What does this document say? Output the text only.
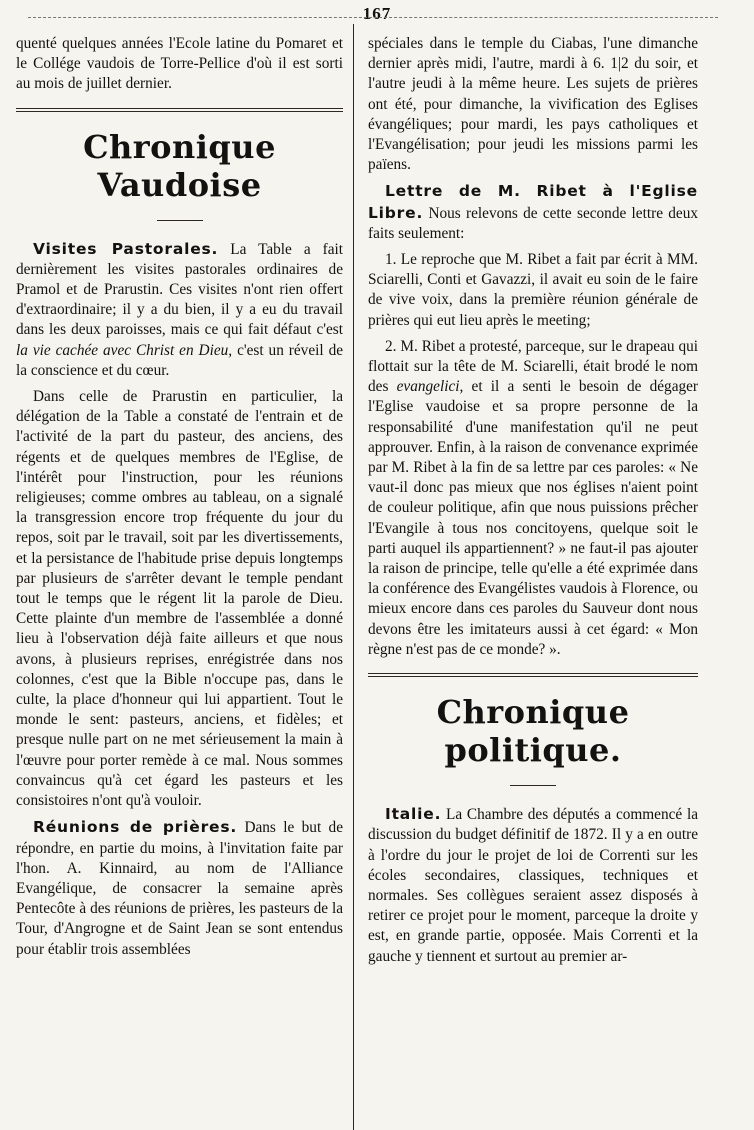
167

quenté quelques années l'Ecole latine du Pomaret et le Collége vaudois de Torre-Pellice d'où il est sorti au mois de juillet dernier.

Chronique Vaudoise

Visites Pastorales. La Table a fait dernièrement les visites pastorales ordinaires de Pramol et de Prarustin. Ces visites n'ont rien offert d'extraordinaire; il y a du bien, il y a eu du travail dans les deux paroisses, mais ce qui fait défaut c'est la vie cachée avec Christ en Dieu, c'est un réveil de la conscience et du cœur.

Dans celle de Prarustin en particulier, la délégation de la Table a constaté de l'entrain et de l'activité de la part du pasteur, des anciens, des régents et de quelques membres de l'Eglise, de l'intérêt pour l'instruction, pour les réunions religieuses; comme ombres au tableau, on a signalé la transgression encore trop fréquente du jour du repos, soit par le travail, soit par les divertissements, et la persistance de l'habitude prise depuis longtemps par plusieurs de s'arrêter devant le temple pendant tout le temps que le régent lit la parole de Dieu. Cette plainte d'un membre de l'assemblée a donné lieu à l'observation déjà faite ailleurs et que nous avons, à plusieurs reprises, enrégistrée dans nos colonnes, c'est que la Bible n'occupe pas, dans le culte, la place d'honneur qui lui appartient. Tout le monde le sent: pasteurs, anciens, et fidèles; et presque nulle part on ne met sérieusement la main à l'œuvre pour porter remède à ce mal. Nous sommes convaincus qu'à cet égard les pasteurs et les consistoires n'ont qu'à vouloir.

Réunions de prières. Dans le but de répondre, en partie du moins, à l'invitation faite par l'hon. A. Kinnaird, au nom de l'Alliance Evangélique, de consacrer la semaine après Pentecôte à des réunions de prières, les pasteurs de la Tour, d'Angrogne et de Saint Jean se sont entendus pour établir trois assemblées

spéciales dans le temple du Ciabas, l'une dimanche dernier après midi, l'autre, mardi à 6. 1|2 du soir, et l'autre jeudi à la même heure. Les sujets de prières ont été, pour dimanche, la vivification des Eglises évangéliques; pour mardi, les pays catholiques et l'Evangélisation; pour jeudi les missions parmi les païens.

Lettre de M. Ribet à l'Eglise Libre. Nous relevons de cette seconde lettre deux faits seulement:

1. Le reproche que M. Ribet a fait par écrit à MM. Sciarelli, Conti et Gavazzi, il avait eu soin de le faire de vive voix, dans la première réunion générale de prières qui eut lieu après le meeting;

2. M. Ribet a protesté, parceque, sur le drapeau qui flottait sur la tête de M. Sciarelli, était brodé le nom des evangelici, et il a senti le besoin de dégager l'Eglise vaudoise et sa propre personne de la responsabilité d'une manifestation qu'il ne peut approuver. Enfin, à la raison de convenance exprimée par M. Ribet à la fin de sa lettre par ces paroles: « Ne vaut-il donc pas mieux que nos églises n'aient point de couleur politique, afin que nous puissions prêcher l'Evangile à tous nos concitoyens, quelque soit le parti auquel ils appartiennent? » ne faut-il pas ajouter la raison de principe, telle qu'elle a été exprimée dans la conférence des Evangélistes vaudois à Florence, ou mieux encore dans ces paroles du Sauveur dont nous devons être les imitateurs aussi à cet égard: « Mon règne n'est pas de ce monde? ».

Chronique politique.

Italie. La Chambre des députés a commencé la discussion du budget définitif de 1872. Il y a en outre à l'ordre du jour le projet de loi de Correnti sur les écoles secondaires, classiques, techniques et normales. Ses collègues seraient assez disposés à retirer ce projet pour le moment, parceque la droite y est, en grande partie, opposée. Mais Correnti et la gauche y tiennent et surtout au premier ar-
